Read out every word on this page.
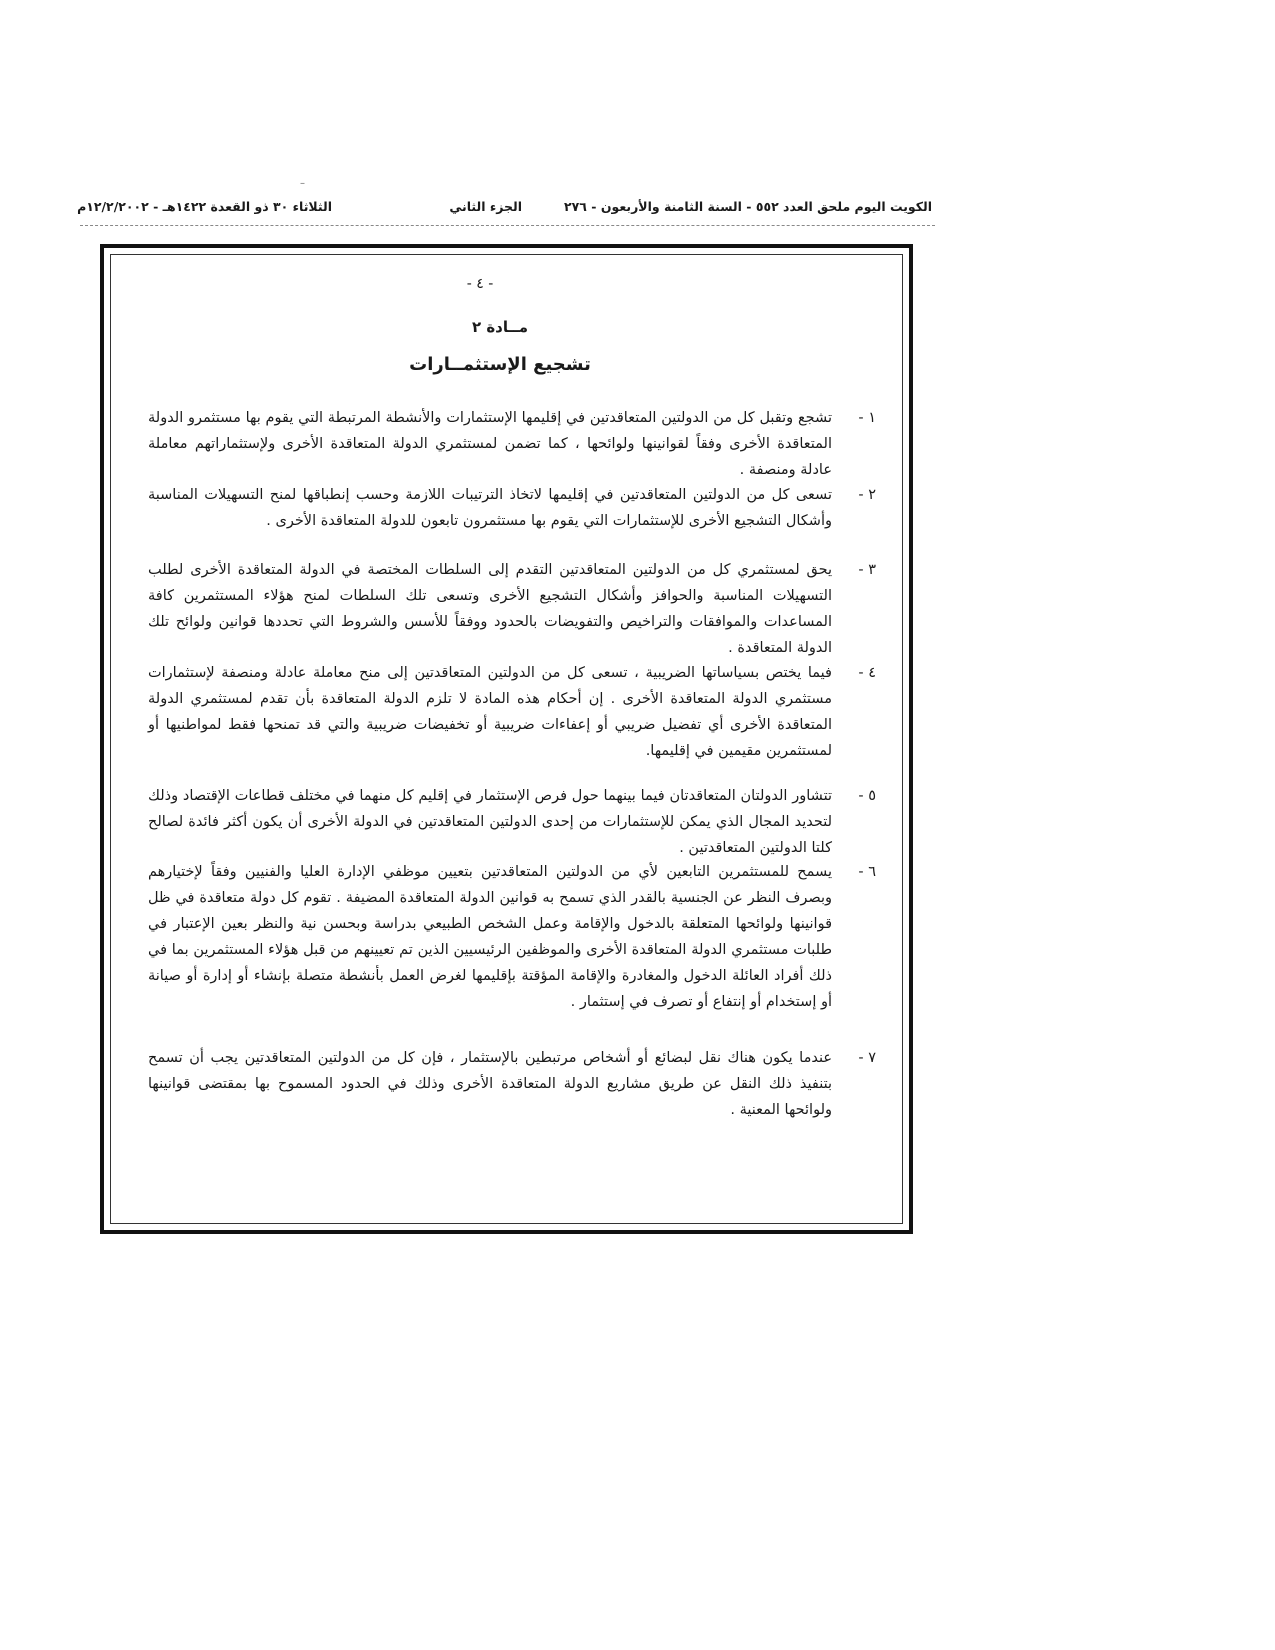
–
الكويت اليوم ملحق العدد ٥٥٢ - السنة الثامنة والأربعون - ٢٧٦
الجزء الثاني
الثلاثاء ٣٠ ذو القعدة ١٤٢٢هـ - ١٢/٢/٢٠٠٢م
- ٤ -
مــادة ٢
تشجيع الإستثمــارات
١ -
تشجع وتقبل كل من الدولتين المتعاقدتين في إقليمها الإستثمارات والأنشطة المرتبطة التي يقوم بها مستثمرو الدولة المتعاقدة الأخرى وفقاً لقوانينها ولوائحها ، كما تضمن لمستثمري الدولة المتعاقدة الأخرى ولإستثماراتهم معاملة عادلة ومنصفة .
٢ -
تسعى كل من الدولتين المتعاقدتين في إقليمها لاتخاذ الترتيبات اللازمة وحسب إنطباقها لمنح التسهيلات المناسبة وأشكال التشجيع الأخرى للإستثمارات التي يقوم بها مستثمرون تابعون للدولة المتعاقدة الأخرى .
٣ -
يحق لمستثمري كل من الدولتين المتعاقدتين التقدم إلى السلطات المختصة في الدولة المتعاقدة الأخرى لطلب التسهيلات المناسبة والحوافز وأشكال التشجيع الأخرى وتسعى تلك السلطات لمنح هؤلاء المستثمرين كافة المساعدات والموافقات والتراخيص والتفويضات بالحدود ووفقاً للأسس والشروط التي تحددها قوانين ولوائح تلك الدولة المتعاقدة .
٤ -
فيما يختص بسياساتها الضريبية ، تسعى كل من الدولتين المتعاقدتين إلى منح معاملة عادلة ومنصفة لإستثمارات مستثمري الدولة المتعاقدة الأخرى . إن أحكام هذه المادة لا تلزم الدولة المتعاقدة بأن تقدم لمستثمري الدولة المتعاقدة الأخرى أي تفضيل ضريبي أو إعفاءات ضريبية أو تخفيضات ضريبية والتي قد تمنحها فقط لمواطنيها أو لمستثمرين مقيمين في إقليمها.
٥ -
تتشاور الدولتان المتعاقدتان فيما بينهما حول فرص الإستثمار في إقليم كل منهما في مختلف قطاعات الإقتصاد وذلك لتحديد المجال الذي يمكن للإستثمارات من إحدى الدولتين المتعاقدتين في الدولة الأخرى أن يكون أكثر فائدة لصالح كلتا الدولتين المتعاقدتين .
٦ -
يسمح للمستثمرين التابعين لأي من الدولتين المتعاقدتين بتعيين موظفي الإدارة العليا والفنيين وفقاً لإختيارهم وبصرف النظر عن الجنسية بالقدر الذي تسمح به قوانين الدولة المتعاقدة المضيفة . تقوم كل دولة متعاقدة في ظل قوانينها ولوائحها المتعلقة بالدخول والإقامة وعمل الشخص الطبيعي بدراسة وبحسن نية والنظر بعين الإعتبار في طلبات مستثمري الدولة المتعاقدة الأخرى والموظفين الرئيسيين الذين تم تعيينهم من قبل هؤلاء المستثمرين بما في ذلك أفراد العائلة الدخول والمغادرة والإقامة المؤقتة بإقليمها لغرض العمل بأنشطة متصلة بإنشاء أو إدارة أو صيانة أو إستخدام أو إنتفاع أو تصرف في إستثمار .
٧ -
عندما يكون هناك نقل لبضائع أو أشخاص مرتبطين بالإستثمار ، فإن كل من الدولتين المتعاقدتين يجب أن تسمح بتنفيذ ذلك النقل عن طريق مشاريع الدولة المتعاقدة الأخرى وذلك في الحدود المسموح بها بمقتضى قوانينها ولوائحها المعنية .
